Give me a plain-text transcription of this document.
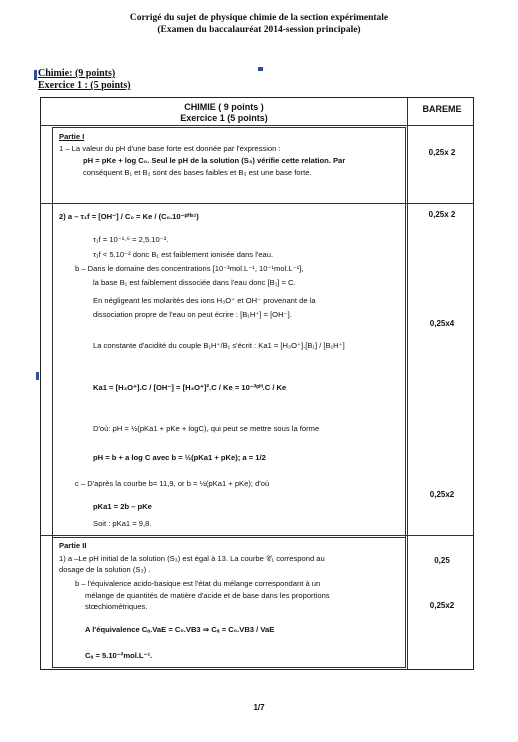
Corrigé du sujet de physique chimie de la section expérimentale
(Examen du baccalauréat 2014-session principale)
Chimie: (9 points)
Exercice 1 : (5 points)
CHIMIE ( 9 points )
Exercice 1 (5 points)
BAREME
0,25x 2
0,25x 2
0,25x4
0,25x2
0,25
0,25x2
Partie I
1 – La valeur du pH d'une base forte est donnée par l'expression :
pH = pKe + log C₀. Seul le pH de la solution (S₃) vérifie cette relation. Par
conséquent B₁ et B₂ sont des bases faibles et B₃ est une base forte.
2) a – τ₁f = [OH⁻] / C₀ = Ke / (C₀.10⁻ᵖᴴˢ¹)
τ₁f = 10⁻¹·⁶ = 2,5.10⁻².
τ₁f < 5.10⁻² donc B₁ est faiblement ionisée dans l'eau.
b – Dans le domaine des concentrations [10⁻³mol.L⁻¹, 10⁻¹mol.L⁻¹],
la base B₁ est faiblement dissociée dans l'eau donc [B₁] = C.
En négligeant les molarités des ions H₃O⁺ et OH⁻ provenant de la
dissociation propre de l'eau on peut écrire : [B₁H⁺] = [OH⁻].
La constante d'acidité du couple B₁H⁺/B₁ s'écrit : Ka1 = [H₃O⁺].[B₁] / [B₁H⁺]
Ka1 = [H₃O⁺].C / [OH⁻] = [H₃O⁺]².C / Ke = 10⁻²ᵖᴴ.C / Ke
D'où: pH = ½(pKa1 + pKe + logC), qui peut se mettre sous la forme
pH = b + a log C avec b = ½(pKa1 + pKe); a = 1/2
c – D'après la courbe b= 11,9, or b = ½(pKa1 + pKe); d'où
pKa1 = 2b – pKe
Soit : pKa1 = 9,8.
Partie II
1) a –Le pH initial de la solution (S₃) est égal à 13. La courbe 𝒞₁ correspond au
dosage de la solution (S₃) .
b – l'équivalence acido-basique est l'état du mélange correspondant à un
mélange de quantités de matière d'acide et de base dans les proportions
stœchiométriques.
A l'équivalence Cₐ.VaE = C₀.VB3 ⇒ Cₐ = C₀.VB3 / VaE
Cₐ = 5.10⁻²mol.L⁻¹.
1/7
